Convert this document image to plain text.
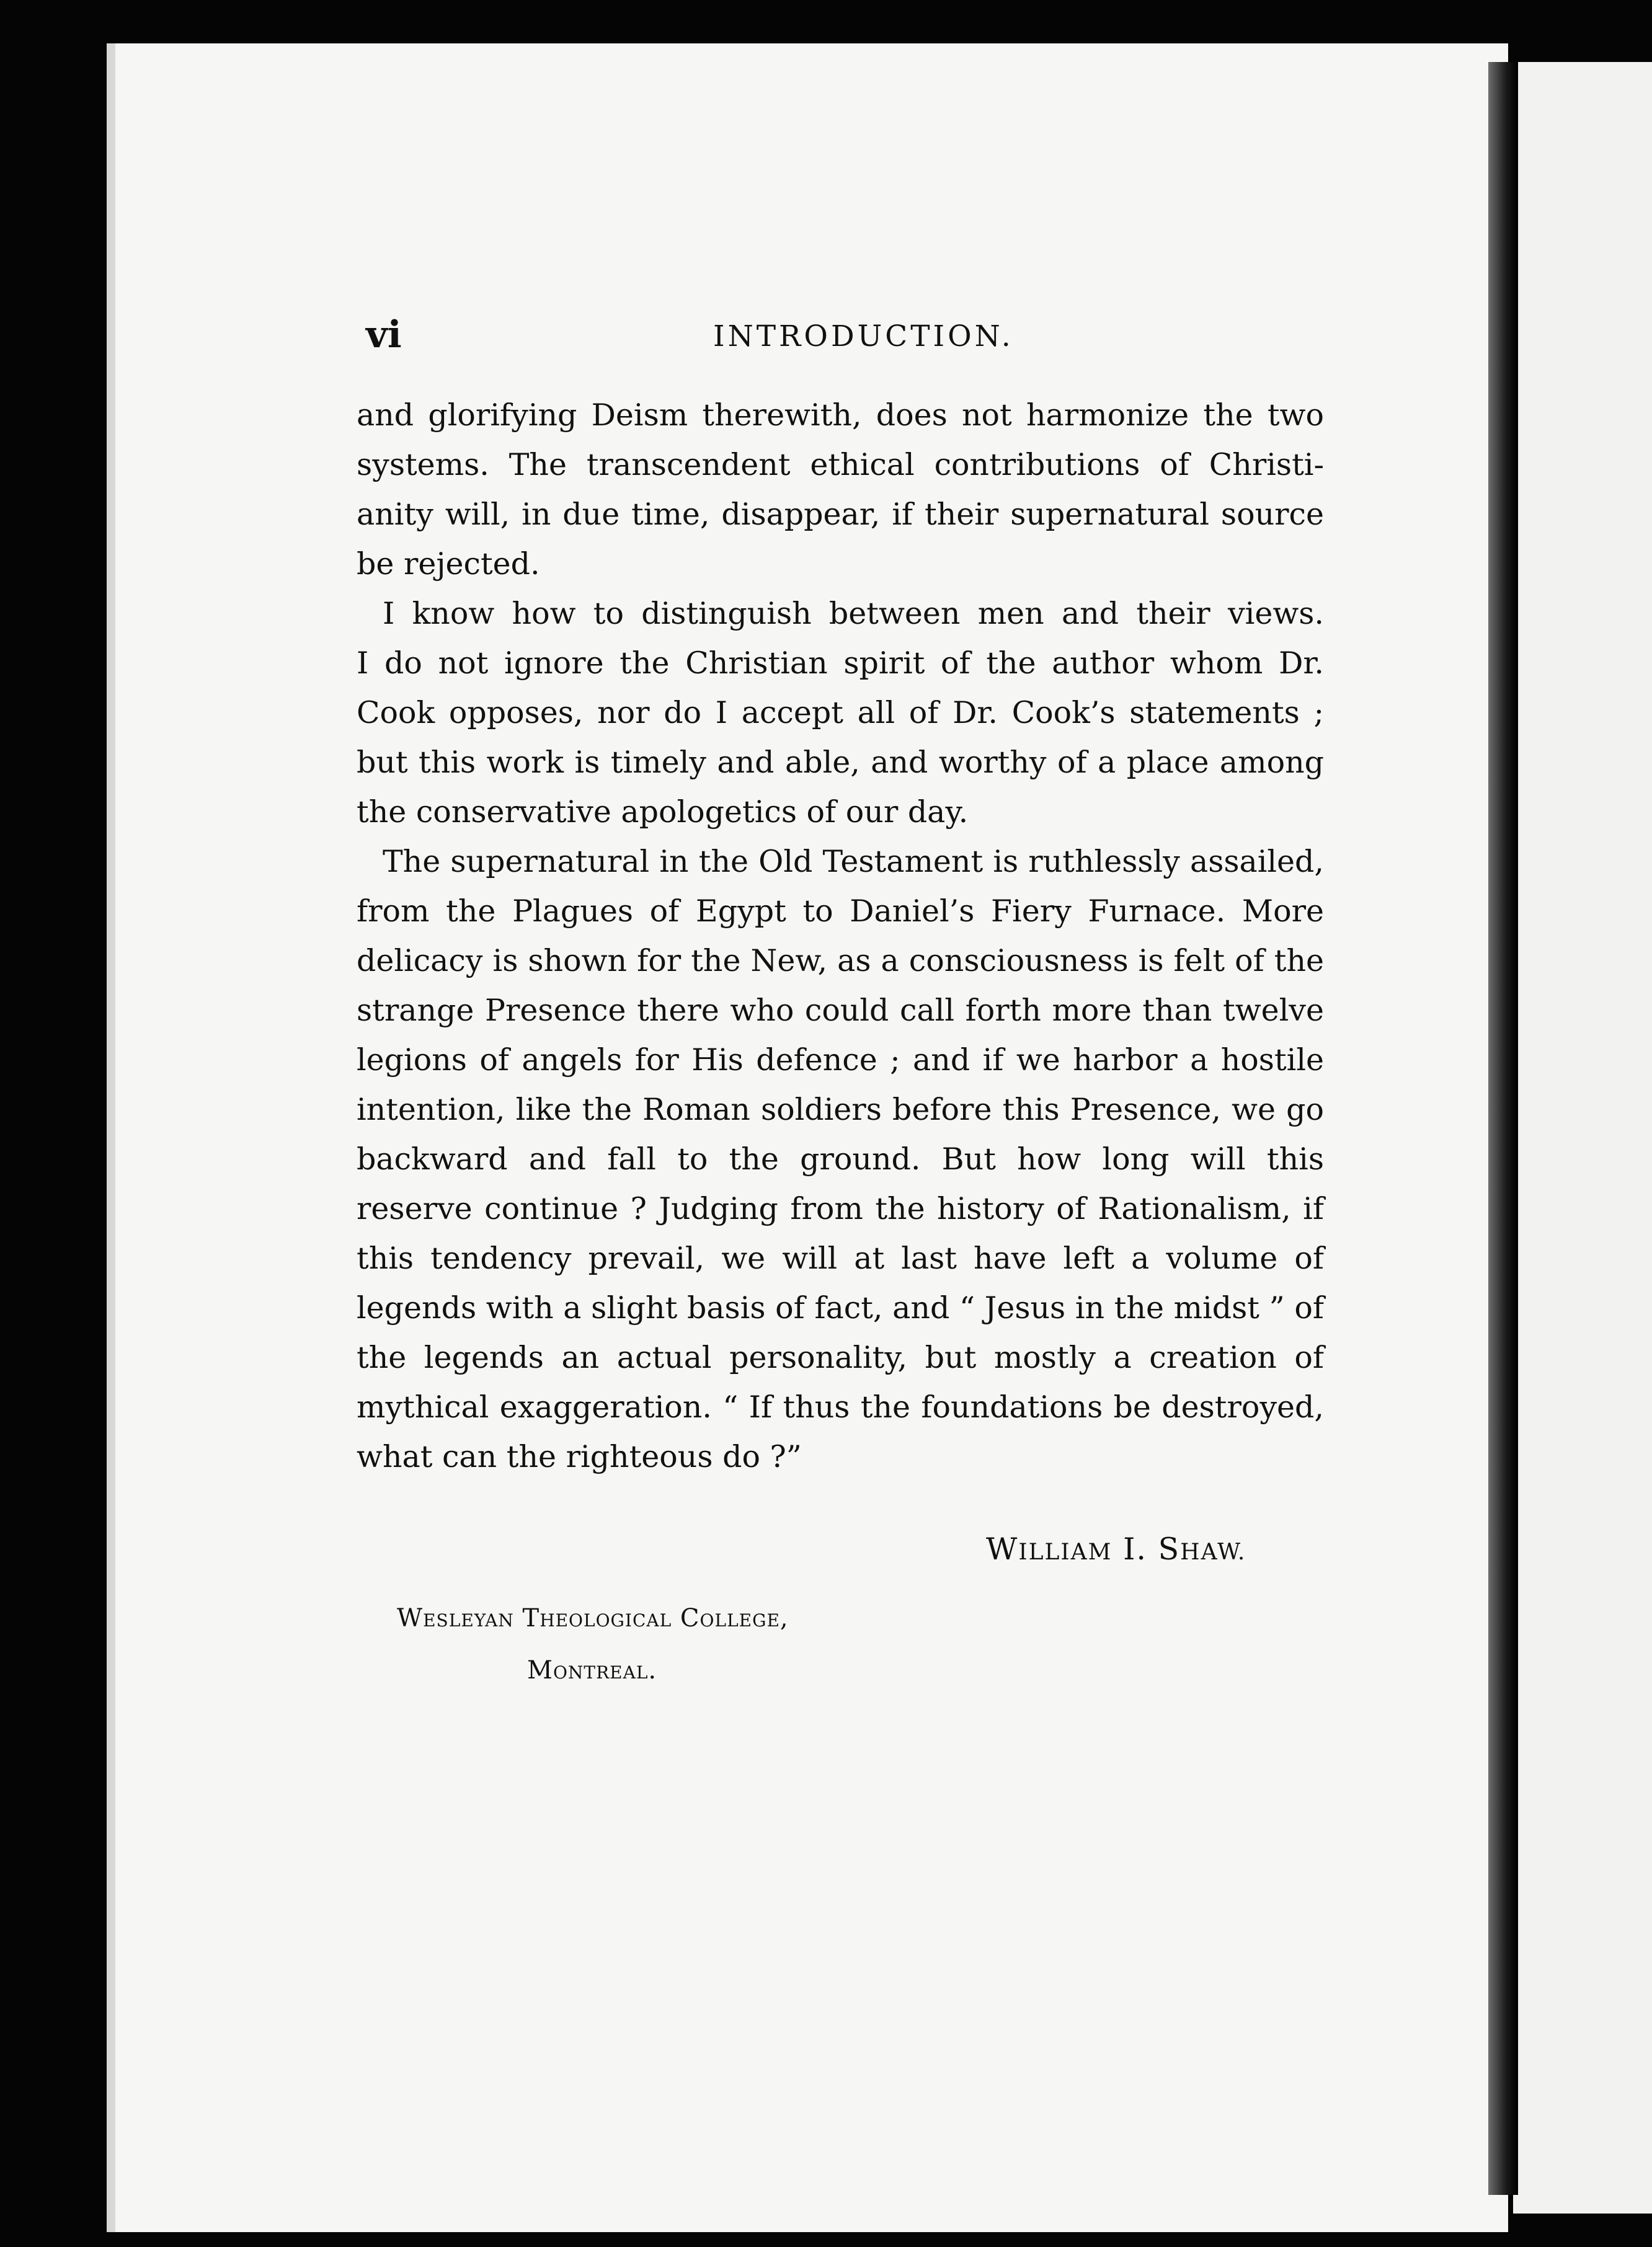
vi	INTRODUCTION.

and glorifying Deism therewith, does not harmonize the two
systems. The transcendent ethical contributions of Christi-
anity will, in due time, disappear, if their supernatural source
be rejected.

I know how to distinguish between men and their views.
I do not ignore the Christian spirit of the author whom Dr.
Cook opposes, nor do I accept all of Dr. Cook’s statements ;
but this work is timely and able, and worthy of a place among
the conservative apologetics of our day.

The supernatural in the Old Testament is ruthlessly assailed,
from the Plagues of Egypt to Daniel’s Fiery Furnace. More
delicacy is shown for the New, as a consciousness is felt of the
strange Presence there who could call forth more than twelve
legions of angels for His defence ; and if we harbor a hostile
intention, like the Roman soldiers before this Presence, we go
backward and fall to the ground. But how long will this
reserve continue ? Judging from the history of Rationalism, if
this tendency prevail, we will at last have left a volume of
legends with a slight basis of fact, and “ Jesus in the midst ” of
the legends an actual personality, but mostly a creation of
mythical exaggeration. “ If thus the foundations be destroyed,
what can the righteous do ?”

WILLIAM I. SHAW.
Wesleyan Theological College,
Montreal.
